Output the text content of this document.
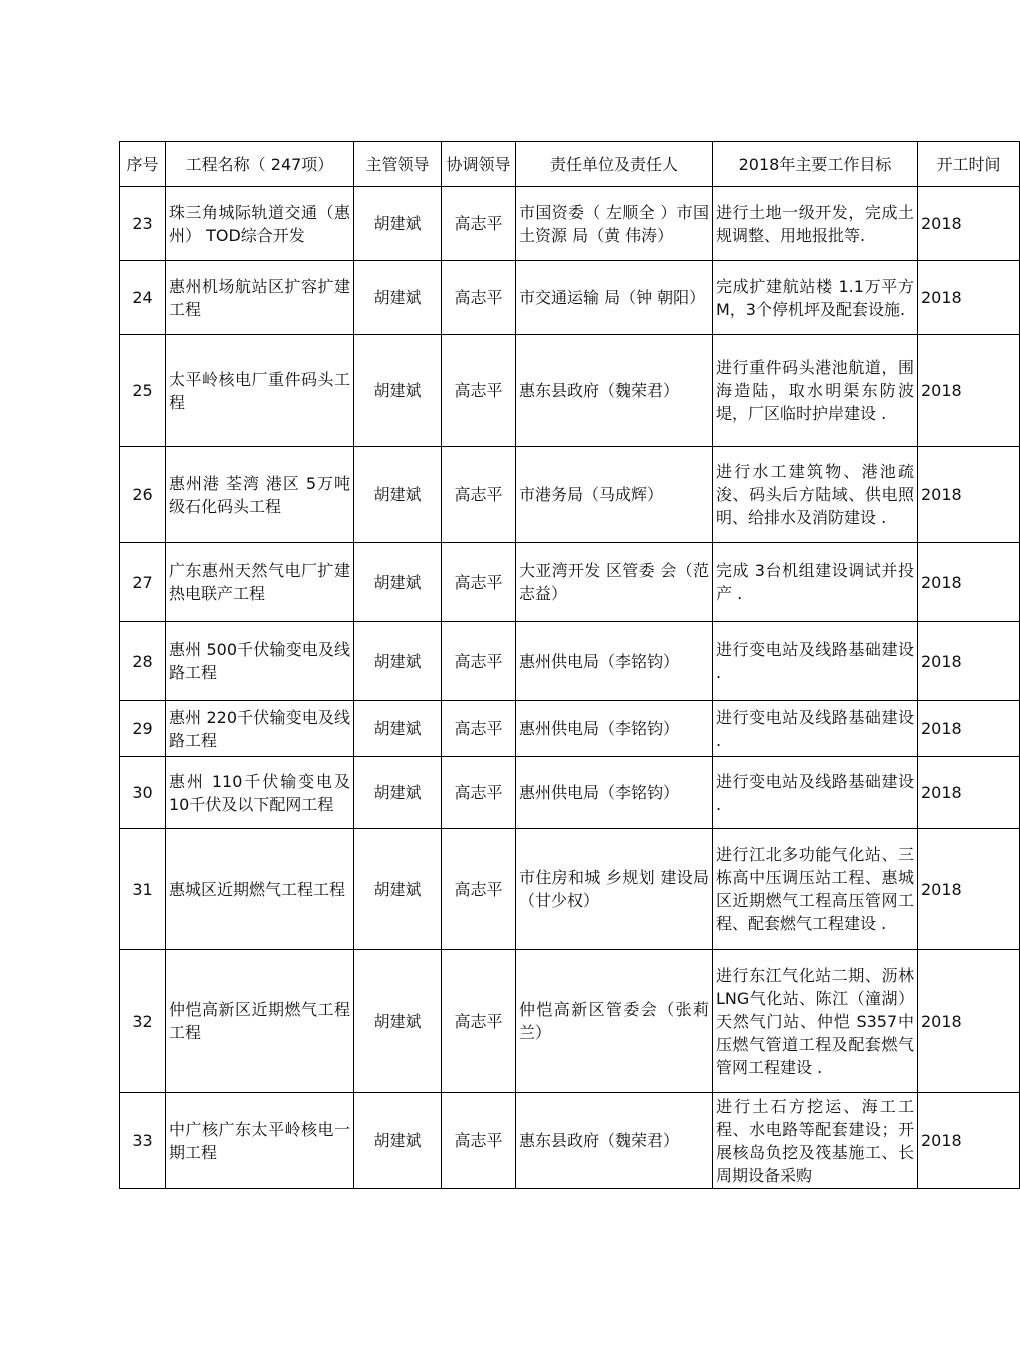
序号	工程名称（ 247项）	主管领导	协调领导	责任单位及责任人	2018年主要工作目标	开工时间
23	珠三角城际轨道交通（惠州） TOD综合开发	胡建斌	高志平	市国资委（ 左顺全 ）市国土资源 局（黄 伟涛）	进行土地一级开发，完成土规调整、用地报批等.	2018
24	惠州机场航站区扩容扩建工程	胡建斌	高志平	市交通运输 局（钟 朝阳）	完成扩建航站楼 1.1万平方M，3个停机坪及配套设施.	2018
25	太平岭核电厂重件码头工程	胡建斌	高志平	惠东县政府（魏荣君）	进行重件码头港池航道，围海造陆，取水明渠东防波堤，厂区临时护岸建设 .	2018
26	惠州港 荃湾 港区 5万吨级石化码头工程	胡建斌	高志平	市港务局（马成辉）	进行水工建筑物、港池疏浚、码头后方陆域、供电照明、给排水及消防建设 .	2018
27	广东惠州天然气电厂扩建热电联产工程	胡建斌	高志平	大亚湾开发 区管委 会（范志益）	完成 3台机组建设调试并投产 .	2018
28	惠州 500千伏输变电及线路工程	胡建斌	高志平	惠州供电局（李铭钧）	进行变电站及线路基础建设 .	2018
29	惠州 220千伏输变电及线路工程	胡建斌	高志平	惠州供电局（李铭钧）	进行变电站及线路基础建设 .	2018
30	惠州 110千伏输变电及10千伏及以下配网工程	胡建斌	高志平	惠州供电局（李铭钧）	进行变电站及线路基础建设 .	2018
31	惠城区近期燃气工程工程	胡建斌	高志平	市住房和城 乡规划 建设局（甘少权）	进行江北多功能气化站、三栋高中压调压站工程、惠城区近期燃气工程高压管网工程、配套燃气工程建设 .	2018
32	仲恺高新区近期燃气工程工程	胡建斌	高志平	仲恺高新区管委会（张莉兰）	进行东江气化站二期、沥林 LNG气化站、陈江（潼湖）天然气门站、仲恺 S357中压燃气管道工程及配套燃气管网工程建设 .	2018
33	中广核广东太平岭核电一期工程	胡建斌	高志平	惠东县政府（魏荣君）	进行土石方挖运、海工工程、水电路等配套建设；开展核岛负挖及筏基施工、长周期设备采购	2018
